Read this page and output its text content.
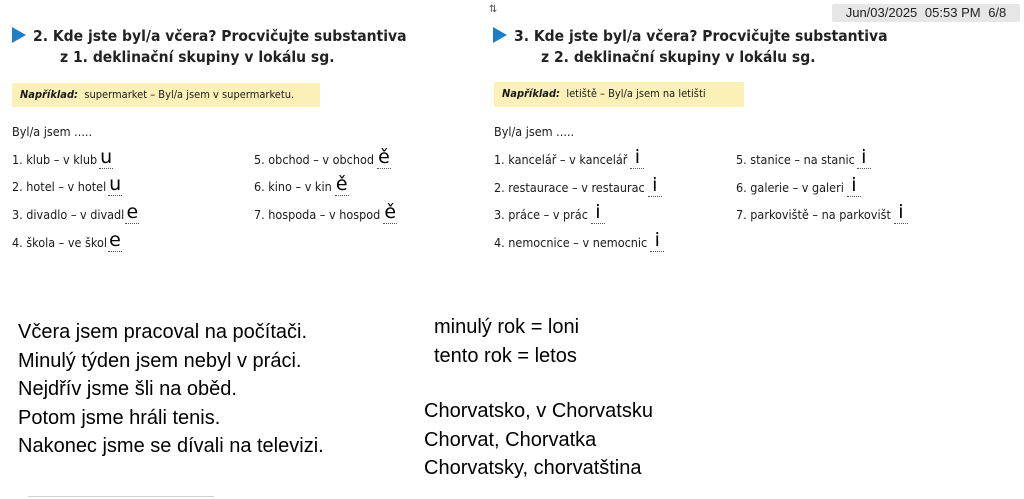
Jun/03/2025 05:53 PM 6/8
⇅
2. Kde jste byl/a včera? Procvičujte substantiva
z 1. deklinační skupiny v lokálu sg.
Například: supermarket – Byl/a jsem v supermarketu.
Byl/a jsem .....
1. klub – v klub u
2. hotel – v hotel u
3. divadlo – v divadl e
4. škola – ve škol e
5. obchod – v obchod ě
6. kino – v kin ě
7. hospoda – v hospod ě
3. Kde jste byl/a včera? Procvičujte substantiva
z 2. deklinační skupiny v lokálu sg.
Například: letiště – Byl/a jsem na letišti
Byl/a jsem .....
1. kancelář – v kancelář i
2. restaurace – v restaurac i
3. práce – v prác i
4. nemocnice – v nemocnic i
5. stanice – na stanic i
6. galerie – v galeri i
7. parkoviště – na parkovišt i
Včera jsem pracoval na počítači.
Minulý týden jsem nebyl v práci.
Nejdřív jsme šli na oběd.
Potom jsme hráli tenis.
Nakonec jsme se dívali na televizi.
minulý rok = loni
tento rok = letos
Chorvatsko, v Chorvatsku
Chorvat, Chorvatka
Chorvatsky, chorvatština
